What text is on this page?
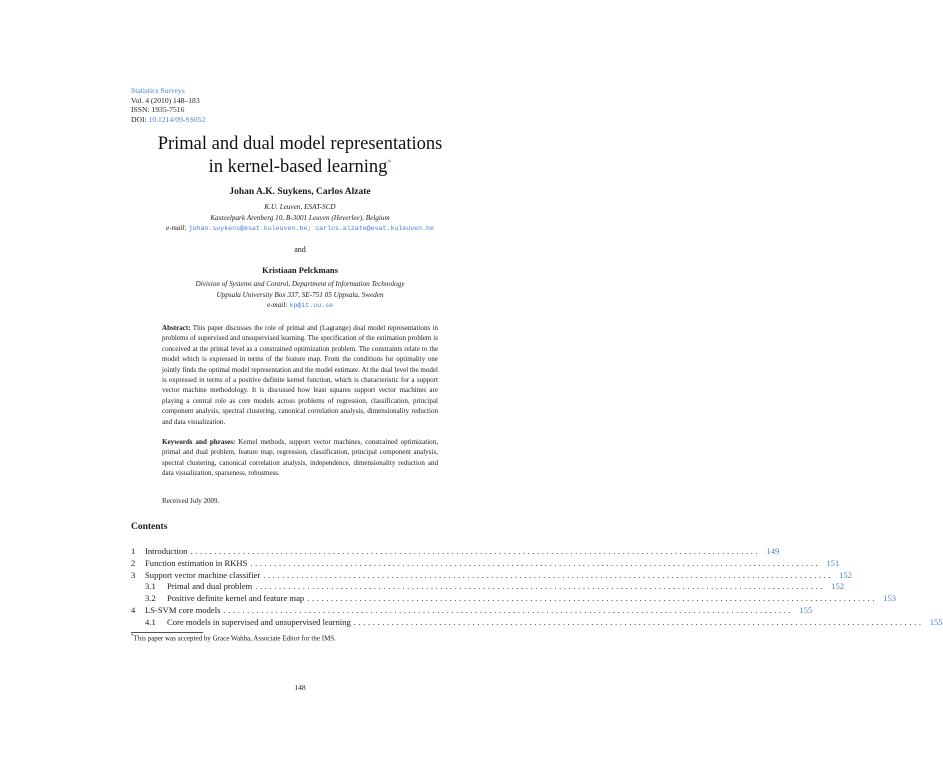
Statistics Surveys
Vol. 4 (2010) 148–183
ISSN: 1935-7516
DOI: 10.1214/09-SS052
Primal and dual model representations
in kernel-based learning*
Johan A.K. Suykens, Carlos Alzate
K.U. Leuven, ESAT-SCD
Kasteelpark Arenberg 10, B-3001 Leuven (Heverlee), Belgium
e-mail: johan.suykens@esat.kuleuven.be; carlos.alzate@esat.kuleuven.be
and
Kristiaan Pelckmans
Division of Systems and Control, Department of Information Technology
Uppsala University Box 337, SE-751 05 Uppsala, Sweden
e-mail: kp@it.uu.se
Abstract: This paper discusses the role of primal and (Lagrange) dual model representations in problems of supervised and unsupervised learning. The specification of the estimation problem is conceived at the primal level as a constrained optimization problem. The constraints relate to the model which is expressed in terms of the feature map. From the conditions for optimality one jointly finds the optimal model representation and the model estimate. At the dual level the model is expressed in terms of a positive definite kernel function, which is characteristic for a support vector machine methodology. It is discussed how least squares support vector machines are playing a central role as core models across problems of regression, classification, principal component analysis, spectral clustering, canonical correlation analysis, dimensionality reduction and data visualization.
Keywords and phrases: Kernel methods, support vector machines, constrained optimization, primal and dual problem, feature map, regression, classification, principal component analysis, spectral clustering, canonical correlation analysis, independence, dimensionality reduction and data visualization, sparseness, robustness.
Received July 2009.
Contents
1	Introduction ........................................................................................................................ 149
2	Function estimation in RKHS ........................................................................................................................ 151
3	Support vector machine classifier ........................................................................................................................ 152
3.1	Primal and dual problem ........................................................................................................................ 152
3.2	Positive definite kernel and feature map ........................................................................................................................ 153
4	LS-SVM core models ........................................................................................................................ 155
4.1	Core models in supervised and unsupervised learning ........................................................................................................................ 155
*This paper was accepted by Grace Wahba, Associate Editor for the IMS.
148
